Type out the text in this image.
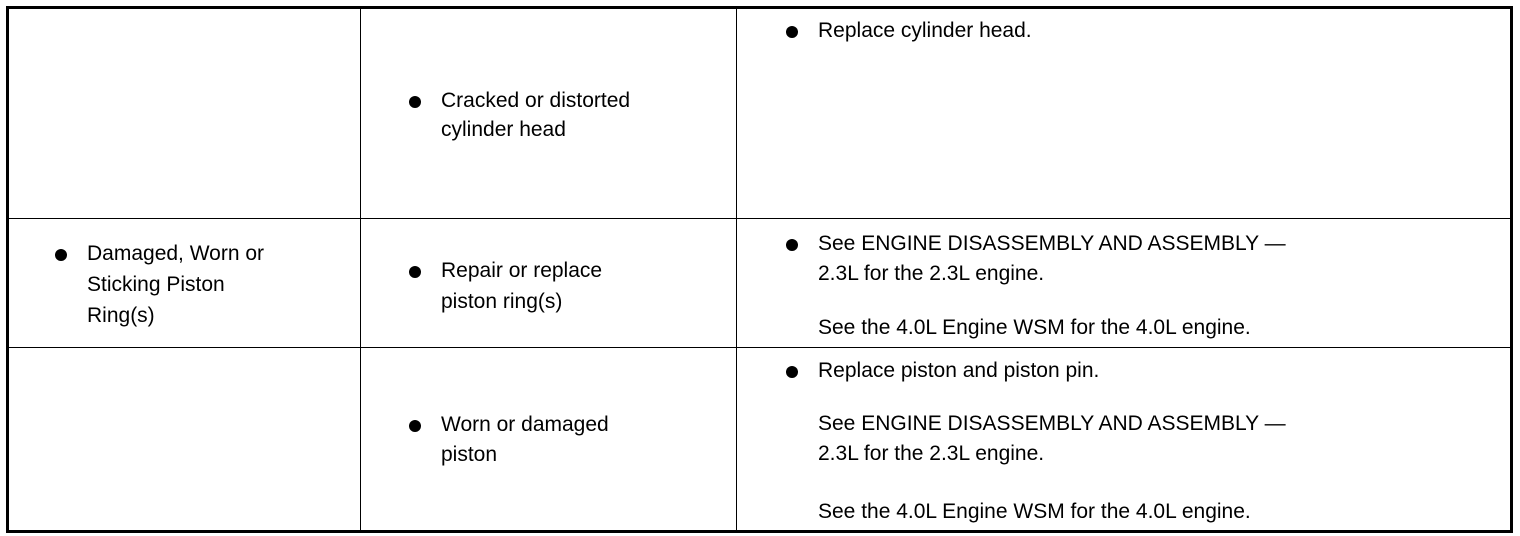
Cracked or distorted
cylinder head
Replace cylinder head.
Damaged, Worn or
Sticking Piston
Ring(s)
Repair or replace
piston ring(s)
See ENGINE DISASSEMBLY AND ASSEMBLY —
2.3L for the 2.3L engine.
See the 4.0L Engine WSM for the 4.0L engine.
Worn or damaged
piston
Replace piston and piston pin.
See ENGINE DISASSEMBLY AND ASSEMBLY —
2.3L for the 2.3L engine.
See the 4.0L Engine WSM for the 4.0L engine.
